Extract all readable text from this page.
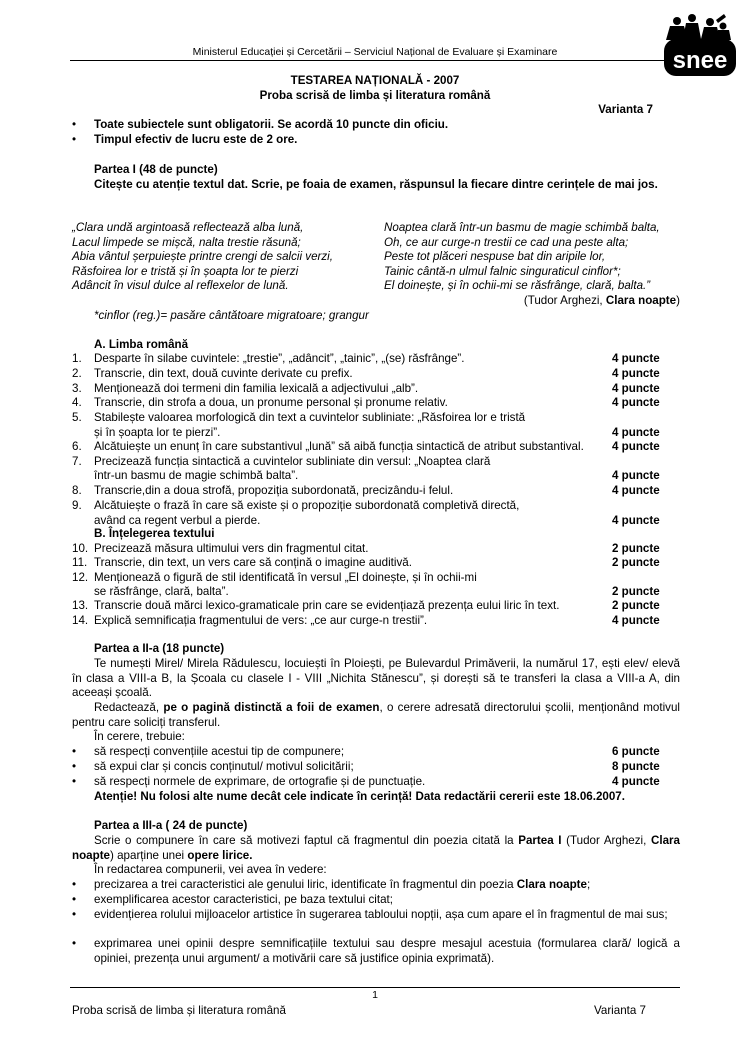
Ministerul Educației și Cercetării – Serviciul Național de Evaluare și Examinare	snee
TESTAREA NAȚIONALĂ - 2007
Proba scrisă de limba și literatura română
Varianta 7
• Toate subiectele sunt obligatorii. Se acordă 10 puncte din oficiu.
• Timpul efectiv de lucru este de 2 ore.
Partea I (48 de puncte)
Citește cu atenție textul dat. Scrie, pe foaia de examen, răspunsul la fiecare dintre cerințele de mai jos.
„Clara undă argintoasă reflectează alba lună,
Lacul limpede se mișcă, nalta trestie răsună;
Abia vântul șerpuiește printre crengi de salcii verzi,
Răsfoirea lor e tristă și în șoapta lor te pierzi
Adâncit în visul dulce al reflexelor de lună.
Noaptea clară într-un basmu de magie schimbă balta,
Oh, ce aur curge-n trestii ce cad una peste alta;
Peste tot plăceri nespuse bat din aripile lor,
Tainic cântă-n ulmul falnic singuraticul cinflor*;
El doinește, și în ochii-mi se răsfrânge, clară, balta.”
(Tudor Arghezi, Clara noapte)
*cinflor (reg.)= pasăre cântătoare migratoare; grangur
A. Limba română
1. Desparte în silabe cuvintele: „trestie”, „adâncit”, „tainic”, „(se) răsfrânge”.	4 puncte
2. Transcrie, din text, două cuvinte derivate cu prefix.	4 puncte
3. Menționează doi termeni din familia lexicală a adjectivului „alb”.	4 puncte
4. Transcrie, din strofa a doua, un pronume personal și pronume relativ.	4 puncte
5. Stabilește valoarea morfologică din text a cuvintelor subliniate: „Răsfoirea lor e tristă
și în șoapta lor te pierzi”.	4 puncte
6. Alcătuiește un enunț în care substantivul „lună” să aibă funcția sintactică de atribut substantival. 4 puncte
7. Precizează funcția sintactică a cuvintelor subliniate din versul: „Noaptea clară
într-un basmu de magie schimbă balta”.	4 puncte
8. Transcrie,din a doua strofă, propoziția subordonată, precizându-i felul.	4 puncte
9. Alcătuiește o frază în care să existe și o propoziție subordonată completivă directă,
având ca regent verbul a pierde.	4 puncte
10. Precizează măsura ultimului vers din fragmentul citat.	2 puncte
11. Transcrie, din text, un vers care să conțină o imagine auditivă.	2 puncte
12. Menționează o figură de stil identificată în versul „El doinește, și în ochii-mi
se răsfrânge, clară, balta”.	2 puncte
13. Transcrie două mărci lexico-gramaticale prin care se evidențiază prezența eului liric în text.	2 puncte
14. Explică semnificația fragmentului de vers: „ce aur curge-n trestii”.	4 puncte
B. Înțelegerea textului
Partea a II-a (18 puncte)
Te numești Mirel/ Mirela Rădulescu, locuiești în Ploiești, pe Bulevardul Primăverii, la numărul 17, ești elev/ elevă în clasa a VIII-a B, la Școala cu clasele I - VIII „Nichita Stănescu”, și dorești să te transferi la clasa a VIII-a A, din aceeași școală.
Redactează, pe o pagină distinctă a foii de examen, o cerere adresată directorului școlii, menționând motivul pentru care soliciți transferul.
În cerere, trebuie:
• să respecți convențiile acestui tip de compunere;	6 puncte
• să expui clar și concis conținutul/ motivul solicitării;	8 puncte
• să respecți normele de exprimare, de ortografie și de punctuație.	4 puncte
Atenție! Nu folosi alte nume decât cele indicate în cerință! Data redactării cererii este 18.06.2007.
Partea a III-a ( 24 de puncte)
Scrie o compunere în care să motivezi faptul că fragmentul din poezia citată la Partea I (Tudor Arghezi, Clara noapte) aparține unei opere lirice.
În redactarea compunerii, vei avea în vedere:
• precizarea a trei caracteristici ale genului liric, identificate în fragmentul din poezia Clara noapte;
• exemplificarea acestor caracteristici, pe baza textului citat;
• evidențierea rolului mijloacelor artistice în sugerarea tabloului nopții, așa cum apare el în fragmentul de mai sus;
• exprimarea unei opinii despre semnificațiile textului sau despre mesajul acestuia (formularea clară/ logică a opiniei, prezența unui argument/ a motivării care să justifice opinia exprimată).
1
Proba scrisă de limba și literatura română	Varianta 7
